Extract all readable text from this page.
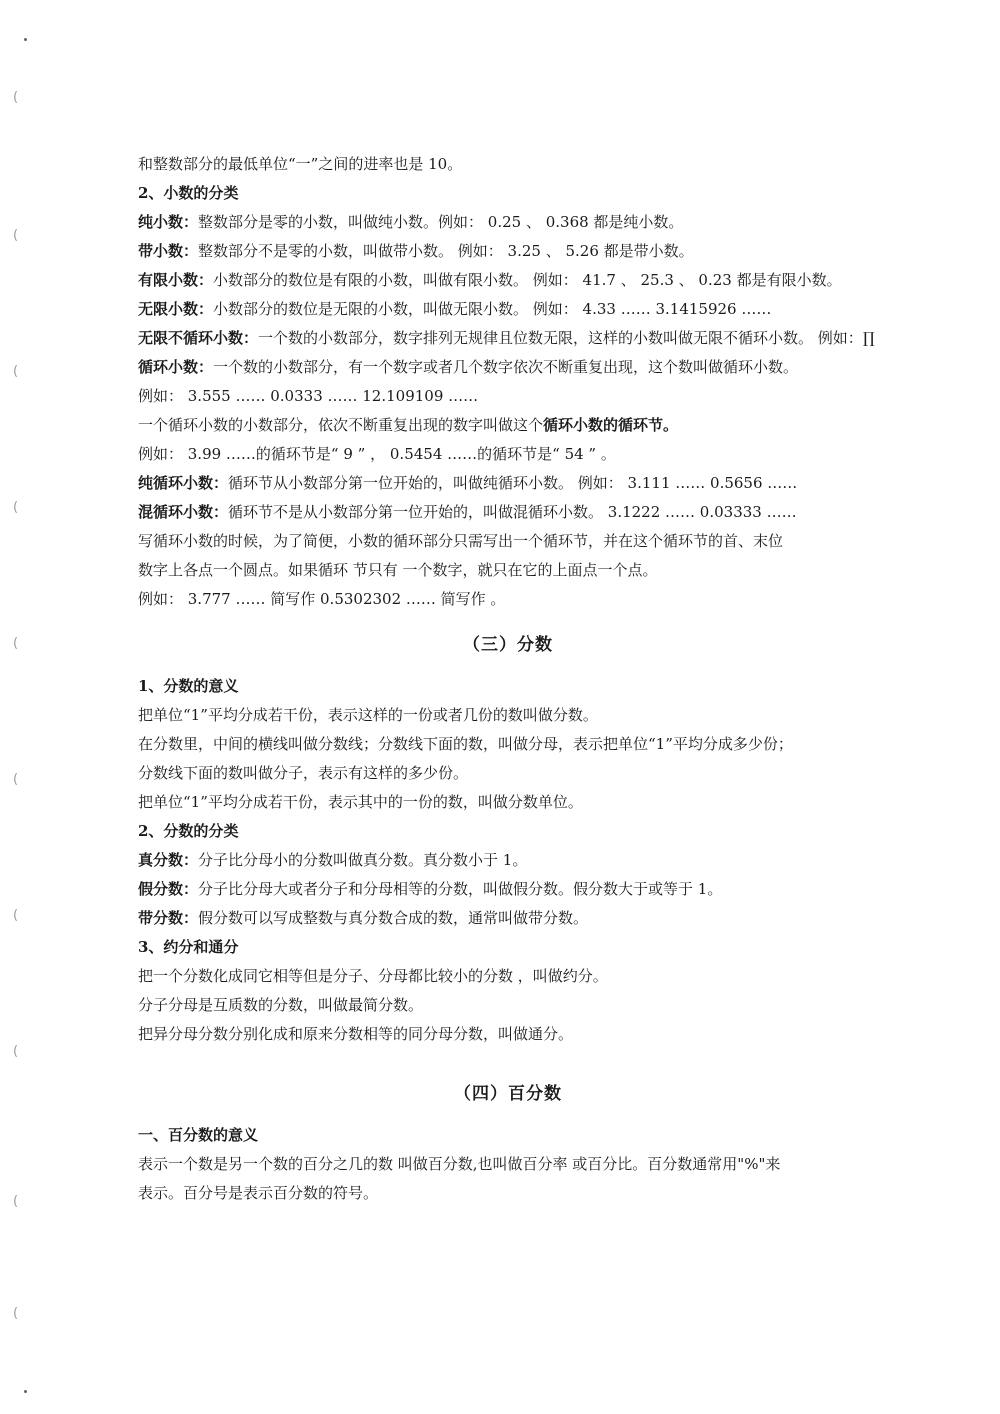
(
(
(
(
(
(
(
(
(
(
和整数部分的最低单位“一”之间的进率也是 10。
2、小数的分类
纯小数：整数部分是零的小数，叫做纯小数。例如： 0.25 、 0.368 都是纯小数。
带小数：整数部分不是零的小数，叫做带小数。 例如： 3.25 、 5.26 都是带小数。
有限小数：小数部分的数位是有限的小数，叫做有限小数。 例如： 41.7 、 25.3 、 0.23 都是有限小数。
无限小数：小数部分的数位是无限的小数，叫做无限小数。 例如： 4.33 …… 3.1415926 ……
无限不循环小数：一个数的小数部分，数字排列无规律且位数无限，这样的小数叫做无限不循环小数。 例如：∏
循环小数：一个数的小数部分，有一个数字或者几个数字依次不断重复出现，这个数叫做循环小数。
例如： 3.555 …… 0.0333 …… 12.109109 ……
一个循环小数的小数部分，依次不断重复出现的数字叫做这个循环小数的循环节。
例如： 3.99 ……的循环节是“ 9 ” ， 0.5454 ……的循环节是“ 54 ” 。
纯循环小数：循环节从小数部分第一位开始的，叫做纯循环小数。 例如： 3.111 …… 0.5656 ……
混循环小数：循环节不是从小数部分第一位开始的，叫做混循环小数。 3.1222 …… 0.03333 ……
写循环小数的时候，为了简便，小数的循环部分只需写出一个循环节，并在这个循环节的首、末位
数字上各点一个圆点。如果循环 节只有 一个数字，就只在它的上面点一个点。
例如： 3.777 …… 简写作 0.5302302 …… 简写作 。
（三）分数
1、分数的意义
把单位“1”平均分成若干份，表示这样的一份或者几份的数叫做分数。
在分数里，中间的横线叫做分数线；分数线下面的数，叫做分母，表示把单位“1”平均分成多少份；
分数线下面的数叫做分子，表示有这样的多少份。
把单位“1”平均分成若干份，表示其中的一份的数，叫做分数单位。
2、分数的分类
真分数：分子比分母小的分数叫做真分数。真分数小于 1。
假分数：分子比分母大或者分子和分母相等的分数，叫做假分数。假分数大于或等于 1。
带分数：假分数可以写成整数与真分数合成的数，通常叫做带分数。
3、约分和通分
把一个分数化成同它相等但是分子、分母都比较小的分数 ，叫做约分。
分子分母是互质数的分数，叫做最简分数。
把异分母分数分别化成和原来分数相等的同分母分数，叫做通分。
（四）百分数
一、百分数的意义
表示一个数是另一个数的百分之几的数 叫做百分数,也叫做百分率 或百分比。百分数通常用"%"来
表示。百分号是表示百分数的符号。
